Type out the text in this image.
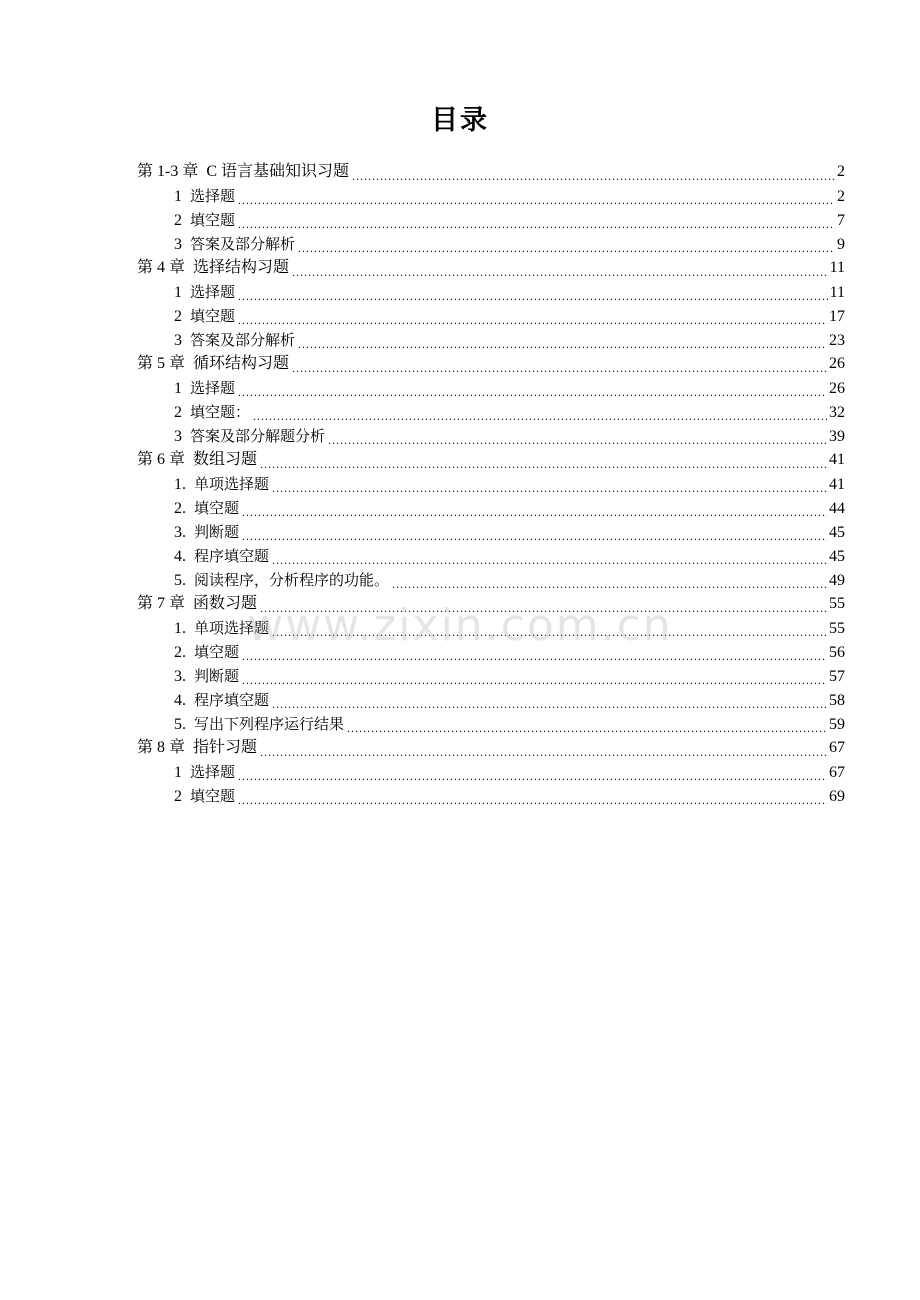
目录
第 1-3 章 C 语言基础知识习题 .....	2
1 选择题 .....	2
2 填空题 .....	7
3 答案及部分解析 .....	9
第 4 章 选择结构习题 .....	11
1 选择题 .....	11
2 填空题 .....	17
3 答案及部分解析 .....	23
第 5 章 循环结构习题 .....	26
1 选择题 .....	26
2 填空题： .....	32
3 答案及部分解题分析 .....	39
第 6 章 数组习题 .....	41
1. 单项选择题 .....	41
2. 填空题 .....	44
3. 判断题 .....	45
4. 程序填空题 .....	45
5. 阅读程序，分析程序的功能。 .....	49
第 7 章 函数习题 .....	55
1. 单项选择题 .....	55
2. 填空题 .....	56
3. 判断题 .....	57
4. 程序填空题 .....	58
5. 写出下列程序运行结果 .....	59
第 8 章 指针习题 .....	67
1 选择题 .....	67
2 填空题 .....	69
www.zixin.com.cn
